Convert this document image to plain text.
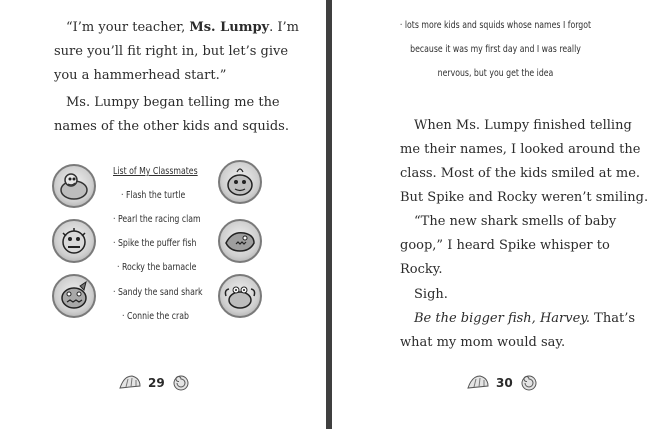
“I’m your teacher, Ms. Lumpy. I’m

sure you’ll fit right in, but let’s give

you a hammerhead start.”

Ms. Lumpy began telling me the

names of the other kids and squids.

List of My Classmates
· Flash the turtle
· Pearl the racing clam
· Spike the puffer fish
· Rocky the barnacle
· Sandy the sand shark
· Connie the crab
29
· lots more kids and squids whose names I forgot
because it was my first day and I was really
nervous, but you get the idea

When Ms. Lumpy finished telling

me their names, I looked around the

class. Most of the kids smiled at me.

But Spike and Rocky weren’t smiling.

“The new shark smells of baby

goop,” I heard Spike whisper to

Rocky.

Sigh.

Be the bigger fish, Harvey. That’s

what my mom would say.

30
